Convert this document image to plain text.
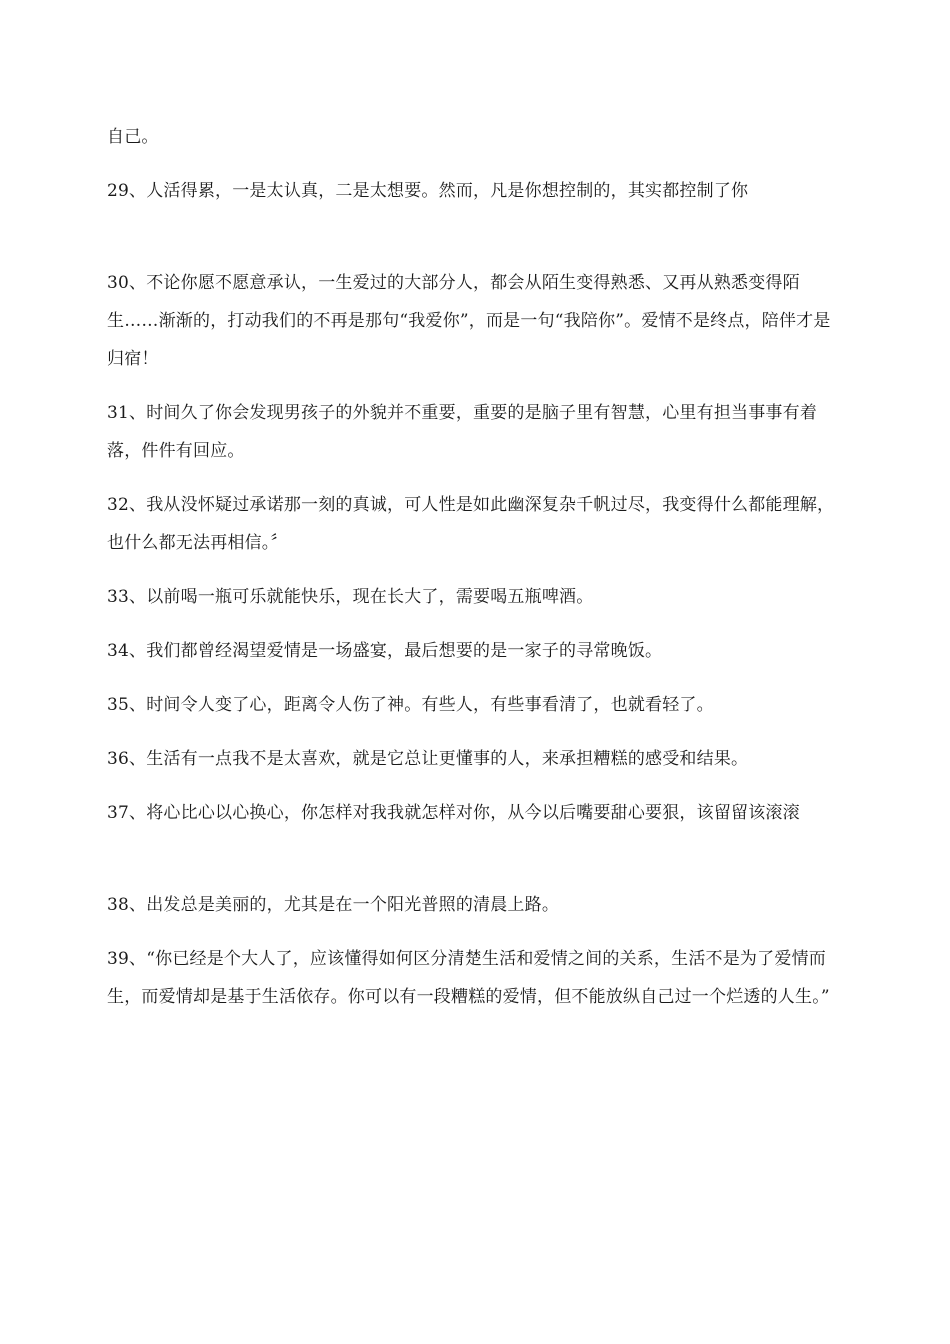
自己。

29、人活得累，一是太认真，二是太想要。然而，凡是你想控制的，其实都控制了你

30、不论你愿不愿意承认，一生爱过的大部分人，都会从陌生变得熟悉、又再从熟悉变得陌生……渐渐的，打动我们的不再是那句“我爱你”，而是一句“我陪你”。爱情不是终点，陪伴才是归宿！

31、时间久了你会发现男孩子的外貌并不重要，重要的是脑子里有智慧，心里有担当事事有着落，件件有回应。

32、我从没怀疑过承诺那一刻的真诚，可人性是如此幽深复杂千帆过尽，我变得什么都能理解，也什么都无法再相信。〞

33、以前喝一瓶可乐就能快乐，现在长大了，需要喝五瓶啤酒。

34、我们都曾经渴望爱情是一场盛宴，最后想要的是一家子的寻常晚饭。

35、时间令人变了心，距离令人伤了神。有些人，有些事看清了，也就看轻了。

36、生活有一点我不是太喜欢，就是它总让更懂事的人，来承担糟糕的感受和结果。

37、将心比心以心换心，你怎样对我我就怎样对你，从今以后嘴要甜心要狠，该留留该滚滚

38、出发总是美丽的，尤其是在一个阳光普照的清晨上路。

39、“你已经是个大人了，应该懂得如何区分清楚生活和爱情之间的关系，生活不是为了爱情而生，而爱情却是基于生活依存。你可以有一段糟糕的爱情，但不能放纵自己过一个烂透的人生。”
